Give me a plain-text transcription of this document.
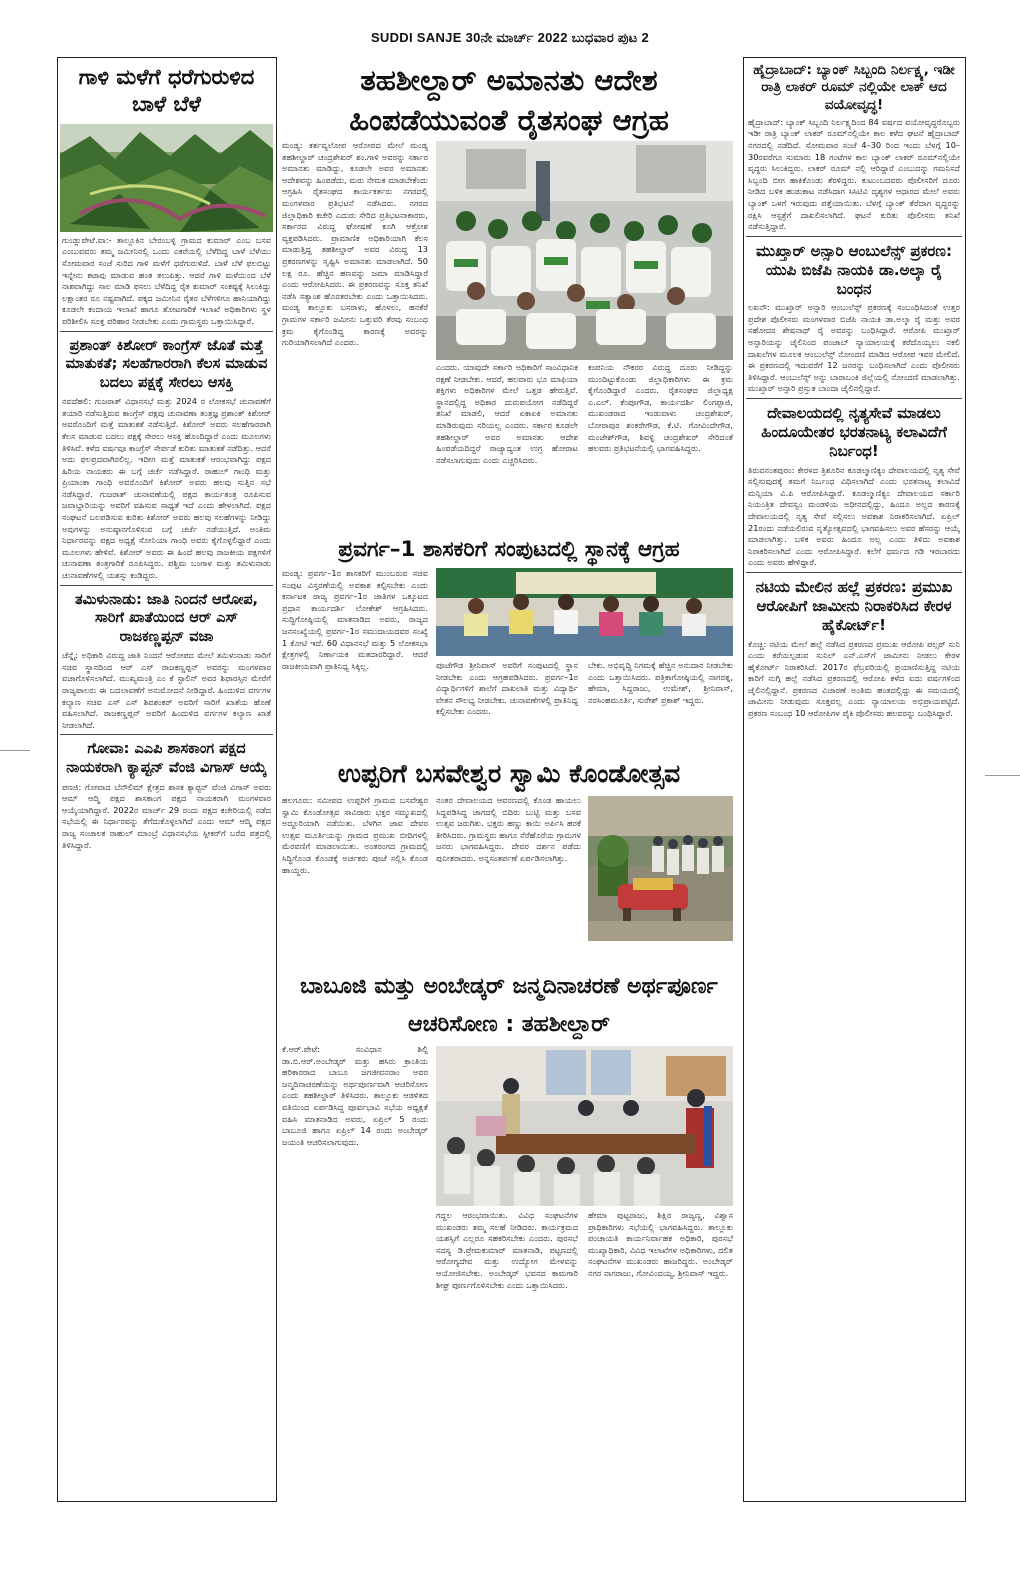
SUDDI SANJE 30ನೇ ಮಾರ್ಚ್ 2022 ಬುಧವಾರ ಪುಟ 2

ಗಾಳಿ ಮಳೆಗೆ ಧರೆಗುರುಳಿದ ಬಾಳೆ ಬೆಳೆ

ಗುಂಡ್ಲುಪೇಟೆ.ವಾ:- ತಾಲ್ಲೂಕಿನ ಬೇರಂಬಳ್ಳಿ ಗ್ರಾಮದ ಕುಮಾರ್ ಎಂಬ ಬಸವ ಎಂಬುವವರು ತಮ್ಮ ಜಮೀನಿನಲ್ಲಿ ಒಂದು ಎಕರೆಯಲ್ಲಿ ಬೆಳೆದಿದ್ದ ಬಾಳೆ ಬೆಳೆಯು ಸೋಮವಾರ ಸಂಜೆ ಸುರಿದ ಗಾಳಿ ಮಳೆಗೆ ಧರೆಗುರುಳಿದೆ. ಬಾಳೆ ಬೆಳೆ ಫಲಬಿಟ್ಟು ಇನ್ನೇನು ಕಟಾವು ಮಾಡುವ ಹಂತ ತಲುಪಿತ್ತು. ಆದರೆ ಗಾಳಿ ಮಳೆಯಿಂದ ಬೆಳೆ ನಾಶವಾಗಿದ್ದು ಸಾಲ ಮಾಡಿ ಫಸಲು ಬೆಳೆದಿದ್ದ ರೈತ ಕುಮಾರ್ ಸಂಕಷ್ಟಕ್ಕೆ ಸಿಲುಕಿದ್ದು ಲಕ್ಷಾಂತರ ರೂ ನಷ್ಟವಾಗಿದೆ. ಪಕ್ಕದ ಜಮೀನಿನ ರೈತರ ಬೆಳೆಗಳಿಗೂ ಹಾನಿಯಾಗಿದ್ದು ಕೂಡಲೇ ಕಂದಾಯ ಇಲಾಖೆ ಹಾಗೂ ತೋಟಗಾರಿಕೆ ಇಲಾಖೆ ಅಧಿಕಾರಿಗಳು ಸ್ಥಳ ಪರಿಶೀಲಿಸಿ ಸೂಕ್ತ ಪರಿಹಾರ ನೀಡಬೇಕು ಎಂದು ಗ್ರಾಮಸ್ಥರು ಒತ್ತಾಯಿಸಿದ್ದಾರೆ.

ಪ್ರಶಾಂತ್ ಕಿಶೋರ್ ಕಾಂಗ್ರೆಸ್ ಜೊತೆ ಮತ್ತೆ ಮಾತುಕತೆ; ಸಲಹೆಗಾರರಾಗಿ ಕೆಲಸ ಮಾಡುವ ಬದಲು ಪಕ್ಷಕ್ಕೆ ಸೇರಲು ಆಸಕ್ತಿ

ನವದೆಹಲಿ: ಗುಜರಾತ್ ವಿಧಾನಸಭೆ ಮತ್ತು 2024 ರ ಲೋಕಸಭೆ ಚುನಾವಣೆಗೆ ತಯಾರಿ ನಡೆಸುತ್ತಿರುವ ಕಾಂಗ್ರೆಸ್ ಪಕ್ಷವು ಚುನಾವಣಾ ತಂತ್ರಜ್ಞ ಪ್ರಶಾಂತ್ ಕಿಶೋರ್ ಅವರೊಂದಿಗೆ ಮತ್ತೆ ಮಾತುಕತೆ ನಡೆಸುತ್ತಿದೆ. ಕಿಶೋರ್ ಅವರು ಸಲಹೆಗಾರರಾಗಿ ಕೆಲಸ ಮಾಡುವ ಬದಲು ಪಕ್ಷಕ್ಕೆ ಸೇರಲು ಆಸಕ್ತಿ ಹೊಂದಿದ್ದಾರೆ ಎಂದು ಮೂಲಗಳು ತಿಳಿಸಿವೆ. ಕಳೆದ ವರ್ಷವೂ ಕಾಂಗ್ರೆಸ್ ಸೇರ್ಪಡೆ ಕುರಿತು ಮಾತುಕತೆ ನಡೆದಿತ್ತು. ಆದರೆ ಅದು ಫಲಪ್ರದವಾಗಿರಲಿಲ್ಲ. ಇದೀಗ ಮತ್ತೆ ಮಾತುಕತೆ ಆರಂಭವಾಗಿದ್ದು ಪಕ್ಷದ ಹಿರಿಯ ನಾಯಕರು ಈ ಬಗ್ಗೆ ಚರ್ಚೆ ನಡೆಸಿದ್ದಾರೆ. ರಾಹುಲ್ ಗಾಂಧಿ ಮತ್ತು ಪ್ರಿಯಾಂಕಾ ಗಾಂಧಿ ಅವರೊಂದಿಗೆ ಕಿಶೋರ್ ಅವರು ಹಲವು ಸುತ್ತಿನ ಸಭೆ ನಡೆಸಿದ್ದಾರೆ. ಗುಜರಾತ್ ಚುನಾವಣೆಯಲ್ಲಿ ಪಕ್ಷದ ಕಾರ್ಯತಂತ್ರ ರೂಪಿಸುವ ಜವಾಬ್ದಾರಿಯನ್ನು ಅವರಿಗೆ ವಹಿಸುವ ಸಾಧ್ಯತೆ ಇದೆ ಎಂದು ಹೇಳಲಾಗಿದೆ. ಪಕ್ಷದ ಸಂಘಟನೆ ಬಲಪಡಿಸುವ ಕುರಿತು ಕಿಶೋರ್ ಅವರು ಹಲವು ಸಲಹೆಗಳನ್ನು ನೀಡಿದ್ದು ಅವುಗಳನ್ನು ಅನುಷ್ಠಾನಗೊಳಿಸುವ ಬಗ್ಗೆ ಚರ್ಚೆ ನಡೆಯುತ್ತಿದೆ. ಅಂತಿಮ ನಿರ್ಧಾರವನ್ನು ಪಕ್ಷದ ಅಧ್ಯಕ್ಷೆ ಸೋನಿಯಾ ಗಾಂಧಿ ಅವರು ಕೈಗೊಳ್ಳಲಿದ್ದಾರೆ ಎಂದು ಮೂಲಗಳು ಹೇಳಿವೆ. ಕಿಶೋರ್ ಅವರು ಈ ಹಿಂದೆ ಹಲವು ರಾಜಕೀಯ ಪಕ್ಷಗಳಿಗೆ ಚುನಾವಣಾ ತಂತ್ರಗಾರಿಕೆ ರೂಪಿಸಿದ್ದರು. ಪಶ್ಚಿಮ ಬಂಗಾಳ ಮತ್ತು ತಮಿಳುನಾಡು ಚುನಾವಣೆಗಳಲ್ಲಿ ಯಶಸ್ಸು ಕಂಡಿದ್ದರು.

ತಮಿಳುನಾಡು: ಜಾತಿ ನಿಂದನೆ ಆರೋಪ, ಸಾರಿಗೆ ಖಾತೆಯಿಂದ ಆರ್ ಎಸ್ ರಾಜಕಣ್ಣಪ್ಪನ್ ವಜಾ

ಚೆನ್ನೈ: ಅಧಿಕಾರಿ ವಿರುದ್ಧ ಜಾತಿ ನಿಂದನೆ ಆರೋಪದ ಮೇಲೆ ತಮಿಳುನಾಡು ಸಾರಿಗೆ ಸಚಿವ ಸ್ಥಾನದಿಂದ ಆರ್ ಎಸ್ ರಾಜಕಣ್ಣಪ್ಪನ್ ಅವರನ್ನು ಮಂಗಳವಾರ ವಜಾಗೊಳಿಸಲಾಗಿದೆ. ಮುಖ್ಯಮಂತ್ರಿ ಎಂ ಕೆ ಸ್ಟಾಲಿನ್ ಅವರ ಶಿಫಾರಸ್ಸಿನ ಮೇರೆಗೆ ರಾಜ್ಯಪಾಲರು ಈ ಬದಲಾವಣೆಗೆ ಅನುಮೋದನೆ ನೀಡಿದ್ದಾರೆ. ಹಿಂದುಳಿದ ವರ್ಗಗಳ ಕಲ್ಯಾಣ ಸಚಿವ ಎಸ್ ಎಸ್ ಶಿವಶಂಕರ್ ಅವರಿಗೆ ಸಾರಿಗೆ ಖಾತೆಯ ಹೊಣೆ ವಹಿಸಲಾಗಿದೆ. ರಾಜಕಣ್ಣಪ್ಪನ್ ಅವರಿಗೆ ಹಿಂದುಳಿದ ವರ್ಗಗಳ ಕಲ್ಯಾಣ ಖಾತೆ ನೀಡಲಾಗಿದೆ.

ಗೋವಾ: ಎಎಪಿ ಶಾಸಕಾಂಗ ಪಕ್ಷದ ನಾಯಕರಾಗಿ ಕ್ಯಾಪ್ಟನ್ ವೆಂಜಿ ವಿಗಾಸ್ ಆಯ್ಕೆ

ಪಣಜಿ: ಗೋವಾದ ಬೆನೌಲಿಮ್ ಕ್ಷೇತ್ರದ ಶಾಸಕ ಕ್ಯಾಪ್ಟನ್ ವೆಂಜಿ ವಿಗಾಸ್ ಅವರು ಆಮ್ ಆದ್ಮಿ ಪಕ್ಷದ ಶಾಸಕಾಂಗ ಪಕ್ಷದ ನಾಯಕರಾಗಿ ಮಂಗಳವಾರ ಆಯ್ಕೆಯಾಗಿದ್ದಾರೆ. 2022ರ ಮಾರ್ಚ್ 29 ರಂದು ಪಕ್ಷದ ಕಚೇರಿಯಲ್ಲಿ ನಡೆದ ಸಭೆಯಲ್ಲಿ ಈ ನಿರ್ಧಾರವನ್ನು ತೆಗೆದುಕೊಳ್ಳಲಾಗಿದೆ ಎಂದು ಆಮ್ ಆದ್ಮಿ ಪಕ್ಷದ ರಾಜ್ಯ ಸಂಚಾಲಕ ರಾಹುಲ್ ಮಾಂಬ್ರೆ ವಿಧಾನಸಭೆಯ ಸ್ಪೀಕರ್‌ಗೆ ಬರೆದ ಪತ್ರದಲ್ಲಿ ತಿಳಿಸಿದ್ದಾರೆ.

ತಹಶೀಲ್ದಾರ್ ಅಮಾನತು ಆದೇಶ ಹಿಂಪಡೆಯುವಂತೆ ರೈತಸಂಘ ಆಗ್ರಹ

ಮಂಡ್ಯ: ಕರ್ತವ್ಯಲೋಪ ಆರೋಪದ ಮೇಲೆ ಮಂಡ್ಯ ತಹಶೀಲ್ದಾರ್ ಚಂದ್ರಶೇಖರ್ ಶಂ.ಗಾಳಿ ಅವರನ್ನು ಸರ್ಕಾರ ಅಮಾನತು ಮಾಡಿದ್ದು, ಕೂಡಲೇ ಅವರ ಅಮಾನತು ಆದೇಶವನ್ನು ಹಿಂಪಡೆದು, ಮರು ನೇಮಕ ಮಾಡಬೇಕೆಂದು ಆಗ್ರಹಿಸಿ ರೈತಸಂಘದ ಕಾರ್ಯಕರ್ತರು ನಗರದಲ್ಲಿ ಮಂಗಳವಾರ ಪ್ರತಿಭಟನೆ ನಡೆಸಿದರು. ನಗರದ ಜಿಲ್ಲಾಧಿಕಾರಿ ಕಚೇರಿ ಎದುರು ಸೇರಿದ ಪ್ರತಿಭಟನಾಕಾರರು, ಸರ್ಕಾರದ ವಿರುದ್ಧ ಘೋಷಣೆ ಕೂಗಿ ಆಕ್ರೋಶ ವ್ಯಕ್ತಪಡಿಸಿದರು. ಪ್ರಾಮಾಣಿಕ ಅಧಿಕಾರಿಯಾಗಿ ಕೆಲಸ ಮಾಡುತ್ತಿದ್ದ ತಹಶೀಲ್ದಾರ್ ಅವರ ವಿರುದ್ಧ 13 ಪ್ರಕರಣಗಳನ್ನು ಸೃಷ್ಟಿಸಿ ಅಮಾನತು ಮಾಡಲಾಗಿದೆ. 50 ಲಕ್ಷ ರೂ. ಹೆಚ್ಚಿನ ಹಣವನ್ನು ಜಮಾ ಮಾಡಿಸಿದ್ದಾರೆ ಎಂದು ಆರೋಪಿಸಿದರು. ಈ ಪ್ರಕರಣವನ್ನು ಸೂಕ್ತ ತನಿಖೆ ನಡೆಸಿ ಸತ್ಯಾಂಶ ಹೊರತರಬೇಕು ಎಂದು ಒತ್ತಾಯಿಸಿದರು. ಮಂಡ್ಯ ತಾಲ್ಲೂಕು ಬಸರಾಳು, ಹೊಳಲು, ಹನಕೆರೆ ಗ್ರಾಮಗಳ ಸರ್ಕಾರಿ ಜಮೀನು ಒತ್ತುವರಿ ತೆರವು ಸಂಬಂಧ ಕ್ರಮ ಕೈಗೊಂಡಿದ್ದ ಕಾರಣಕ್ಕೆ ಅವರನ್ನು ಗುರಿಯಾಗಿಸಲಾಗಿದೆ ಎಂದರು.

ಎಂದರು. ಯಾವುದೇ ಸರ್ಕಾರಿ ಅಧಿಕಾರಿಗೆ ಸಾಂವಿಧಾನಿಕ ರಕ್ಷಣೆ ನೀಡಬೇಕು. ಆದರೆ, ಹಲವಾರು ಭೂ ಮಾಫಿಯಾ ಶಕ್ತಿಗಳು ಅಧಿಕಾರಿಗಳ ಮೇಲೆ ಒತ್ತಡ ಹೇರುತ್ತಿವೆ. ಸ್ಥಾನದಲ್ಲಿದ್ದ ಅಧಿಕಾರ ದುರುಪಯೋಗ ನಡೆದಿದ್ದರೆ ತನಿಖೆ ಮಾಡಲಿ, ಆದರೆ ಏಕಾಏಕಿ ಅಮಾನತು ಮಾಡಿರುವುದು ಸರಿಯಲ್ಲ ಎಂದರು. ಸರ್ಕಾರ ಕೂಡಲೇ ತಹಶೀಲ್ದಾರ್ ಅವರ ಅಮಾನತು ಆದೇಶ ಹಿಂಪಡೆಯದಿದ್ದರೆ ರಾಜ್ಯಾದ್ಯಂತ ಉಗ್ರ ಹೋರಾಟ ನಡೆಸಲಾಗುವುದು ಎಂದು ಎಚ್ಚರಿಸಿದರು.

ಕಂಪನಿಯ ನೌಕರರ ವಿರುದ್ಧ ದೂರು ನೀಡಿದ್ದನ್ನು ಮುಂದಿಟ್ಟುಕೊಂಡು ಜಿಲ್ಲಾಧಿಕಾರಿಗಳು ಈ ಕ್ರಮ ಕೈಗೊಂಡಿದ್ದಾರೆ ಎಂದರು. ರೈತಸಂಘದ ಜಿಲ್ಲಾಧ್ಯಕ್ಷ ಎ.ಎಲ್. ಕೆಂಪೂಗೌಡ, ಕಾರ್ಯದರ್ಶಿ ಲಿಂಗಪ್ಪಾಜಿ, ಮುಖಂಡರಾದ ಇಂಡುವಾಳು ಚಂದ್ರಶೇಖರ್, ಬೋರಾಪುರ ಶಂಕರೇಗೌಡ, ಕೆ.ಟಿ. ಗೋವಿಂದೇಗೌಡ, ಮಂಜೇಶ್‌ಗೌಡ, ಶಿವಳ್ಳಿ ಚಂದ್ರಶೇಖರ್ ಸೇರಿದಂತೆ ಹಲವರು ಪ್ರತಿಭಟನೆಯಲ್ಲಿ ಭಾಗವಹಿಸಿದ್ದರು.

ಪ್ರವರ್ಗ–1 ಶಾಸಕರಿಗೆ ಸಂಪುಟದಲ್ಲಿ ಸ್ಥಾನಕ್ಕೆ ಆಗ್ರಹ

ಮಂಡ್ಯ: ಪ್ರವರ್ಗ–1ರ ಶಾಸಕರಿಗೆ ಮುಂಬರುವ ಸಚಿವ ಸಂಪುಟ ವಿಸ್ತರಣೆಯಲ್ಲಿ ಅವಕಾಶ ಕಲ್ಪಿಸಬೇಕು ಎಂದು ಕರ್ನಾಟಕ ರಾಜ್ಯ ಪ್ರವರ್ಗ–1ರ ಜಾತಿಗಳ ಒಕ್ಕೂಟದ ಪ್ರಧಾನ ಕಾರ್ಯದರ್ಶಿ ಲೋಕೇಶ್ ಆಗ್ರಹಿಸಿದರು. ಸುದ್ದಿಗೋಷ್ಠಿಯಲ್ಲಿ ಮಾತನಾಡಿದ ಅವರು, ರಾಜ್ಯದ ಜನಸಂಖ್ಯೆಯಲ್ಲಿ ಪ್ರವರ್ಗ–1ರ ಸಮುದಾಯದವರ ಸಂಖ್ಯೆ 1 ಕೋಟಿ ಇದೆ. 60 ವಿಧಾನಸಭೆ ಮತ್ತು 5 ಲೋಕಸಭಾ ಕ್ಷೇತ್ರಗಳಲ್ಲಿ ನಿರ್ಣಾಯಕ ಮತದಾರರಿದ್ದಾರೆ. ಆದರೆ ರಾಜಕೀಯವಾಗಿ ಪ್ರಾತಿನಿಧ್ಯ ಸಿಕ್ಕಿಲ್ಲ.	ಪೂಜೆಗೌಡ ಶ್ರೀನಿವಾಸ್ ಅವರಿಗೆ ಸಂಪುಟದಲ್ಲಿ ಸ್ಥಾನ ನೀಡಬೇಕು ಎಂದು ಆಗ್ರಹಪಡಿಸಿದರು. ಪ್ರವರ್ಗ–1ರ ವಿದ್ಯಾರ್ಥಿಗಳಿಗೆ ಶಾಲೆಗೆ ದಾಖಲಾತಿ ಮತ್ತು ವಿದ್ಯಾರ್ಥಿ ವೇತನ ಸೌಲಭ್ಯ ನೀಡಬೇಕು. ಚುನಾವಣೆಗಳಲ್ಲಿ ಪ್ರಾತಿನಿಧ್ಯ ಕಲ್ಪಿಸಬೇಕು ಎಂದರು.

ಬೇಕು. ಅಭಿವೃದ್ಧಿ ನಿಗಮಕ್ಕೆ ಹೆಚ್ಚಿನ ಅನುದಾನ ನೀಡಬೇಕು ಎಂದು ಒತ್ತಾಯಿಸಿದರು. ಪತ್ರಿಕಾಗೋಷ್ಠಿಯಲ್ಲಿ ನಾಗರತ್ನ, ಹೇಮಾ, ಸಿದ್ದರಾಜು, ಉಮೇಶ್, ಶ್ರೀನಿವಾಸ್, ನರಸಿಂಹಮೂರ್ತಿ, ಸುರೇಶ್ ಪ್ರಕಾಶ್ ಇದ್ದರು.

ಉಪ್ಪರಿಗೆ ಬಸವೇಶ್ವರ ಸ್ವಾಮಿ ಕೊಂಡೋತ್ಸವ

ಹಲಗೂರು: ಸಮೀಪದ ಉಪ್ಪರಿಗೆ ಗ್ರಾಮದ ಬಸವೇಶ್ವರ ಸ್ವಾಮಿ ಕೊಂಡೋತ್ಸವ ಸಾವಿರಾರು ಭಕ್ತರ ಸಮ್ಮುಖದಲ್ಲಿ ಅದ್ದೂರಿಯಾಗಿ ನಡೆಯಿತು. ಬೆಳಗಿನ ಜಾವ ದೇವರ ಉತ್ಸವ ಮೂರ್ತಿಯನ್ನು ಗ್ರಾಮದ ಪ್ರಮುಖ ಬೀದಿಗಳಲ್ಲಿ ಮೆರವಣಿಗೆ ಮಾಡಲಾಯಿತು. ಅಂತರಂಗದ ಗ್ರಾಮದಲ್ಲಿ ಸಿದ್ಧಿಗೊಂಡ ಕೊಂಡಕ್ಕೆ ಅರ್ಚಕರು ಪೂಜೆ ಸಲ್ಲಿಸಿ ಕೊಂಡ ಹಾಯ್ದರು.

ನಂತರ ದೇವಾಲಯದ ಆವರಣದಲ್ಲಿ ಕೊಂಡ ಹಾಯಲು ಸಿದ್ಧಪಡಿಸಿದ್ದ ಜಾಗದಲ್ಲಿ ಬಿದಿರು ಬುಟ್ಟಿ ಮತ್ತು ಬಸವ ಉತ್ಸವ ಜರುಗಿತು. ಭಕ್ತರು ಹಣ್ಣು ಕಾಯಿ ಅರ್ಪಿಸಿ ಹರಕೆ ತೀರಿಸಿದರು. ಗ್ರಾಮಸ್ಥರು ಹಾಗೂ ನೆರೆಹೊರೆಯ ಗ್ರಾಮಗಳ ಜನರು ಭಾಗವಹಿಸಿದ್ದರು. ದೇವರ ದರ್ಶನ ಪಡೆದು ಪುನೀತರಾದರು. ಅನ್ನಸಂತರ್ಪಣೆ ಏರ್ಪಡಿಸಲಾಗಿತ್ತು.

ಬಾಬೂಜಿ ಮತ್ತು ಅಂಬೇಡ್ಕರ್ ಜನ್ಮದಿನಾಚರಣೆ ಅರ್ಥಪೂರ್ಣ ಆಚರಿಸೋಣ : ತಹಶೀಲ್ದಾರ್

ಕೆ.ಆರ್.ಪೇಟೆ: ಸಂವಿಧಾನ ಶಿಲ್ಪಿ ಡಾ.ಬಿ.ಆರ್.ಅಂಬೇಡ್ಕರ್ ಮತ್ತು ಹಸಿರು ಕ್ರಾಂತಿಯ ಹರಿಕಾರರಾದ ಬಾಬೂ ಜಗಜೀವನರಾಂ ಅವರ ಜನ್ಮದಿನಾಚರಣೆಯನ್ನು ಅರ್ಥಪೂರ್ಣವಾಗಿ ಆಚರಿಸೋಣ ಎಂದು ತಹಶೀಲ್ದಾರ್ ತಿಳಿಸಿದರು. ತಾಲ್ಲೂಕು ಆಡಳಿತದ ವತಿಯಿಂದ ಏರ್ಪಡಿಸಿದ್ದ ಪೂರ್ವಭಾವಿ ಸಭೆಯ ಅಧ್ಯಕ್ಷತೆ ವಹಿಸಿ ಮಾತನಾಡಿದ ಅವರು, ಏಪ್ರಿಲ್ 5 ರಂದು ಬಾಬೂಜಿ ಹಾಗೂ ಏಪ್ರಿಲ್ 14 ರಂದು ಅಂಬೇಡ್ಕರ್ ಜಯಂತಿ ಆಚರಿಸಲಾಗುವುದು.

ಗದ್ದಲ ಆರಂಭವಾಯಿತು. ವಿವಿಧ ಸಂಘಟನೆಗಳ ಮುಖಂಡರು ತಮ್ಮ ಸಲಹೆ ನೀಡಿದರು. ಕಾರ್ಯಕ್ರಮದ ಯಶಸ್ಸಿಗೆ ಎಲ್ಲರೂ ಸಹಕರಿಸಬೇಕು ಎಂದರು. ಪುರಸಭೆ ಸದಸ್ಯ ಡಿ.ಪ್ರೇಮಕುಮಾರ್ ಮಾತನಾಡಿ, ಪಟ್ಟಣದಲ್ಲಿ ಆರೋಗ್ಯದೇವ ಮತ್ತು ಉದ್ಯೋಗ ಮೇಳವನ್ನು ಆಯೋಜಿಸಬೇಕು. ಅಂಬೇಡ್ಕರ್ ಭವನದ ಕಾಮಗಾರಿ ಶೀಘ್ರ ಪೂರ್ಣಗೊಳಿಸಬೇಕು ಎಂದು ಒತ್ತಾಯಿಸಿದರು.

ಹೇಮಾ ಪುಟ್ಟರಾಜು, ಶಿಕ್ಷಿರ ರಾಜ್ಯಣ್ಣ, ವಿಶ್ವಾಸ ಪ್ರಾಧಿಕಾರಿಗಳು ಸಭೆಯಲ್ಲಿ ಭಾಗವಹಿಸಿದ್ದರು. ತಾಲ್ಲೂಕು ಪಂಚಾಯತಿ ಕಾರ್ಯನಿರ್ವಾಹಕ ಅಧಿಕಾರಿ, ಪುರಸಭೆ ಮುಖ್ಯಾಧಿಕಾರಿ, ವಿವಿಧ ಇಲಾಖೆಗಳ ಅಧಿಕಾರಿಗಳು, ದಲಿತ ಸಂಘಟನೆಗಳ ಮುಖಂಡರು ಹಾಜರಿದ್ದರು. ಅಂಬೇಡ್ಕರ್ ನಗರ ನಾಗರಾಜು, ಗೋವಿಂದಯ್ಯ, ಶ್ರೀನಿವಾಸ್ ಇದ್ದರು.

ಹೈದ್ರಾಬಾದ್: ಬ್ಯಾಂಕ್ ಸಿಬ್ಬಂದಿ ನಿರ್ಲಕ್ಷ್ಯ, ಇಡೀ ರಾತ್ರಿ ಲಾಕರ್ ರೂಮ್ ನಲ್ಲಿಯೇ ಲಾಕ್ ಆದ ವಯೋವೃದ್ಧ!

ಹೈದ್ರಾಬಾದ್: ಬ್ಯಾಂಕ್ ಸಿಬ್ಬಂದಿ ನಿರ್ಲಕ್ಷ್ಯದಿಂದ 84 ವರ್ಷದ ವಯೋವೃದ್ಧರೊಬ್ಬರು ಇಡೀ ರಾತ್ರಿ ಬ್ಯಾಂಕ್ ಲಾಕರ್ ರೂಮ್‌ನಲ್ಲಿಯೇ ಕಾಲ ಕಳೆದ ಘಟನೆ ಹೈದ್ರಾಬಾದ್ ನಗರದಲ್ಲಿ ನಡೆದಿದೆ. ಸೋಮವಾರ ಸಂಜೆ 4–30 ರಿಂದ ಇಂದು ಬೆಳಗ್ಗೆ 10–30ರವರೆಗೂ ಸುಮಾರು 18 ಗಂಟೆಗಳ ಕಾಲ ಬ್ಯಾಂಕ್ ಲಾಕರ್ ರೂಮ್‌ನಲ್ಲಿಯೇ ವೃದ್ಧರು ಸಿಲುಕಿದ್ದರು. ಲಾಕರ್ ರೂಮ್ ನಲ್ಲಿ ಆರಿದ್ದಾರೆ ಎಂಬುದನ್ನು ಗಮನಿಸದೆ ಸಿಬ್ಬಂದಿ ಬೀಗ ಹಾಕಿಕೊಂಡು ತೆರಳಿದ್ದರು. ಕುಟುಂಬದವರು ಪೊಲೀಸರಿಗೆ ದೂರು ನೀಡಿದ ಬಳಿಕ ಹುಡುಕಾಟ ನಡೆಸಿದಾಗ ಸಿಸಿಟಿವಿ ದೃಶ್ಯಗಳ ಆಧಾರದ ಮೇಲೆ ಅವರು ಬ್ಯಾಂಕ್ ಒಳಗೆ ಇರುವುದು ಪತ್ತೆಯಾಯಿತು. ಬೆಳಗ್ಗೆ ಬ್ಯಾಂಕ್ ತೆರೆದಾಗ ವೃದ್ಧರನ್ನು ರಕ್ಷಿಸಿ ಆಸ್ಪತ್ರೆಗೆ ದಾಖಲಿಸಲಾಗಿದೆ. ಘಟನೆ ಕುರಿತು ಪೊಲೀಸರು ತನಿಖೆ ನಡೆಸುತ್ತಿದ್ದಾರೆ.

ಮುಖ್ತಾರ್ ಅನ್ಸಾರಿ ಆಂಬುಲೆನ್ಸ್ ಪ್ರಕರಣ: ಯುಪಿ ಬಿಜೆಪಿ ನಾಯಕಿ ಡಾ.ಅಲ್ಕಾ ರೈ ಬಂಧನ

ಲಖನೌ: ಮುಖ್ತಾರ್ ಅನ್ಸಾರಿ ಆಂಬುಲೆನ್ಸ್ ಪ್ರಕರಣಕ್ಕೆ ಸಂಬಂಧಿಸಿದಂತೆ ಉತ್ತರ ಪ್ರದೇಶ ಪೊಲೀಸರು ಮಂಗಳವಾರ ಬಿಜೆಪಿ ನಾಯಕಿ ಡಾ.ಅಲ್ಕಾ ರೈ ಮತ್ತು ಅವರ ಸಹೋದರ ಶೇಷನಾಥ್ ರೈ ಅವರನ್ನು ಬಂಧಿಸಿದ್ದಾರೆ. ಆರೋಪಿ ಮುಖ್ತಾರ್ ಅನ್ಸಾರಿಯನ್ನು ಜೈಲಿನಿಂದ ಪಂಜಾಬ್ ನ್ಯಾಯಾಲಯಕ್ಕೆ ಕರೆದೊಯ್ಯಲು ನಕಲಿ ದಾಖಲೆಗಳ ಮೂಲಕ ಆಂಬುಲೆನ್ಸ್ ನೋಂದಣಿ ಮಾಡಿದ ಆರೋಪ ಇವರ ಮೇಲಿದೆ. ಈ ಪ್ರಕರಣದಲ್ಲಿ ಇದುವರೆಗೆ 12 ಜನರನ್ನು ಬಂಧಿಸಲಾಗಿದೆ ಎಂದು ಪೊಲೀಸರು ತಿಳಿಸಿದ್ದಾರೆ. ಆಂಬುಲೆನ್ಸ್ ಅನ್ನು ಬಾರಾಬಂಕಿ ಜಿಲ್ಲೆಯಲ್ಲಿ ನೋಂದಣಿ ಮಾಡಲಾಗಿತ್ತು. ಮುಖ್ತಾರ್ ಅನ್ಸಾರಿ ಪ್ರಸ್ತುತ ಬಾಂದಾ ಜೈಲಿನಲ್ಲಿದ್ದಾರೆ.

ದೇವಾಲಯದಲ್ಲಿ ನೃತ್ಯಸೇವೆ ಮಾಡಲು ಹಿಂದೂಯೇತರ ಭರತನಾಟ್ಯ ಕಲಾವಿದೆಗೆ ನಿರ್ಬಂಧ!

ತಿರುವನಂತಪುರಂ: ಕೇರಳದ ತ್ರಿಶೂರಿನ ಕೂಡಲ್ಮಾಣಿಕ್ಯಂ ದೇವಾಲಯದಲ್ಲಿ ನೃತ್ಯ ಸೇವೆ ಸಲ್ಲಿಸುವುದಕ್ಕೆ ತಮಗೆ ನಿರ್ಬಂಧ ವಿಧಿಸಲಾಗಿದೆ ಎಂದು ಭರತನಾಟ್ಯ ಕಲಾವಿದೆ ಮನ್ಸಿಯಾ ವಿ.ಪಿ ಆರೋಪಿಸಿದ್ದಾರೆ. ಕೂಡಲ್ಮಾಣಿಕ್ಯಂ ದೇವಾಲಯದ ಸರ್ಕಾರಿ ನಿಯಂತ್ರಿತ ದೇವಸ್ವಂ ಮಂಡಳಿಯ ಅಧೀನದಲ್ಲಿದ್ದು, ಹಿಂದೂ ಅಲ್ಲದ ಕಾರಣಕ್ಕೆ ದೇವಾಲಯದಲ್ಲಿ ನೃತ್ಯ ಸೇವೆ ಸಲ್ಲಿಸಲು ಅವಕಾಶ ನಿರಾಕರಿಸಲಾಗಿದೆ. ಏಪ್ರಿಲ್ 21ರಂದು ನಡೆಯಲಿರುವ ನೃತ್ಯೋತ್ಸವದಲ್ಲಿ ಭಾಗವಹಿಸಲು ಅವರ ಹೆಸರನ್ನು ಆಯ್ಕೆ ಮಾಡಲಾಗಿತ್ತು. ಬಳಿಕ ಅವರು ಹಿಂದೂ ಅಲ್ಲ ಎಂದು ತಿಳಿದು ಅವಕಾಶ ನಿರಾಕರಿಸಲಾಗಿದೆ ಎಂದು ಆರೋಪಿಸಿದ್ದಾರೆ. ಕಲೆಗೆ ಧರ್ಮದ ಗಡಿ ಇರಬಾರದು ಎಂದು ಅವರು ಹೇಳಿದ್ದಾರೆ.

ನಟಿಯ ಮೇಲಿನ ಹಲ್ಲೆ ಪ್ರಕರಣ: ಪ್ರಮುಖ ಆರೋಪಿಗೆ ಜಾಮೀನು ನಿರಾಕರಿಸಿದ ಕೇರಳ ಹೈಕೋರ್ಟ್!

ಕೊಚ್ಚಿ: ನಟಿಯ ಮೇಲೆ ಹಲ್ಲೆ ನಡೆಸಿದ ಪ್ರಕರಣದ ಪ್ರಮುಖ ಆರೋಪಿ ಪಲ್ಸರ್ ಸುನಿ ಎಂದು ಕರೆಯಲ್ಪಡುವ ಸುನಿಲ್ ಎನ್‌.ಎಸ್‌ಗೆ ಜಾಮೀನು ನೀಡಲು ಕೇರಳ ಹೈಕೋರ್ಟ್ ನಿರಾಕರಿಸಿದೆ. 2017ರ ಫೆಬ್ರವರಿಯಲ್ಲಿ ಪ್ರಯಾಣಿಸುತ್ತಿದ್ದ ನಟಿಯ ಕಾರಿಗೆ ನುಗ್ಗಿ ಹಲ್ಲೆ ನಡೆಸಿದ ಪ್ರಕರಣದಲ್ಲಿ ಆರೋಪಿ ಕಳೆದ ಐದು ವರ್ಷಗಳಿಂದ ಜೈಲಿನಲ್ಲಿದ್ದಾನೆ. ಪ್ರಕರಣದ ವಿಚಾರಣೆ ಅಂತಿಮ ಹಂತದಲ್ಲಿದ್ದು ಈ ಸಮಯದಲ್ಲಿ ಜಾಮೀನು ನೀಡುವುದು ಸೂಕ್ತವಲ್ಲ ಎಂದು ನ್ಯಾಯಾಲಯ ಅಭಿಪ್ರಾಯಪಟ್ಟಿದೆ. ಪ್ರಕರಣ ಸಂಬಂಧ 10 ಆರೋಪಿಗಳ ಪೈಕಿ ಪೊಲೀಸರು ಹಲವರನ್ನು ಬಂಧಿಸಿದ್ದಾರೆ.
